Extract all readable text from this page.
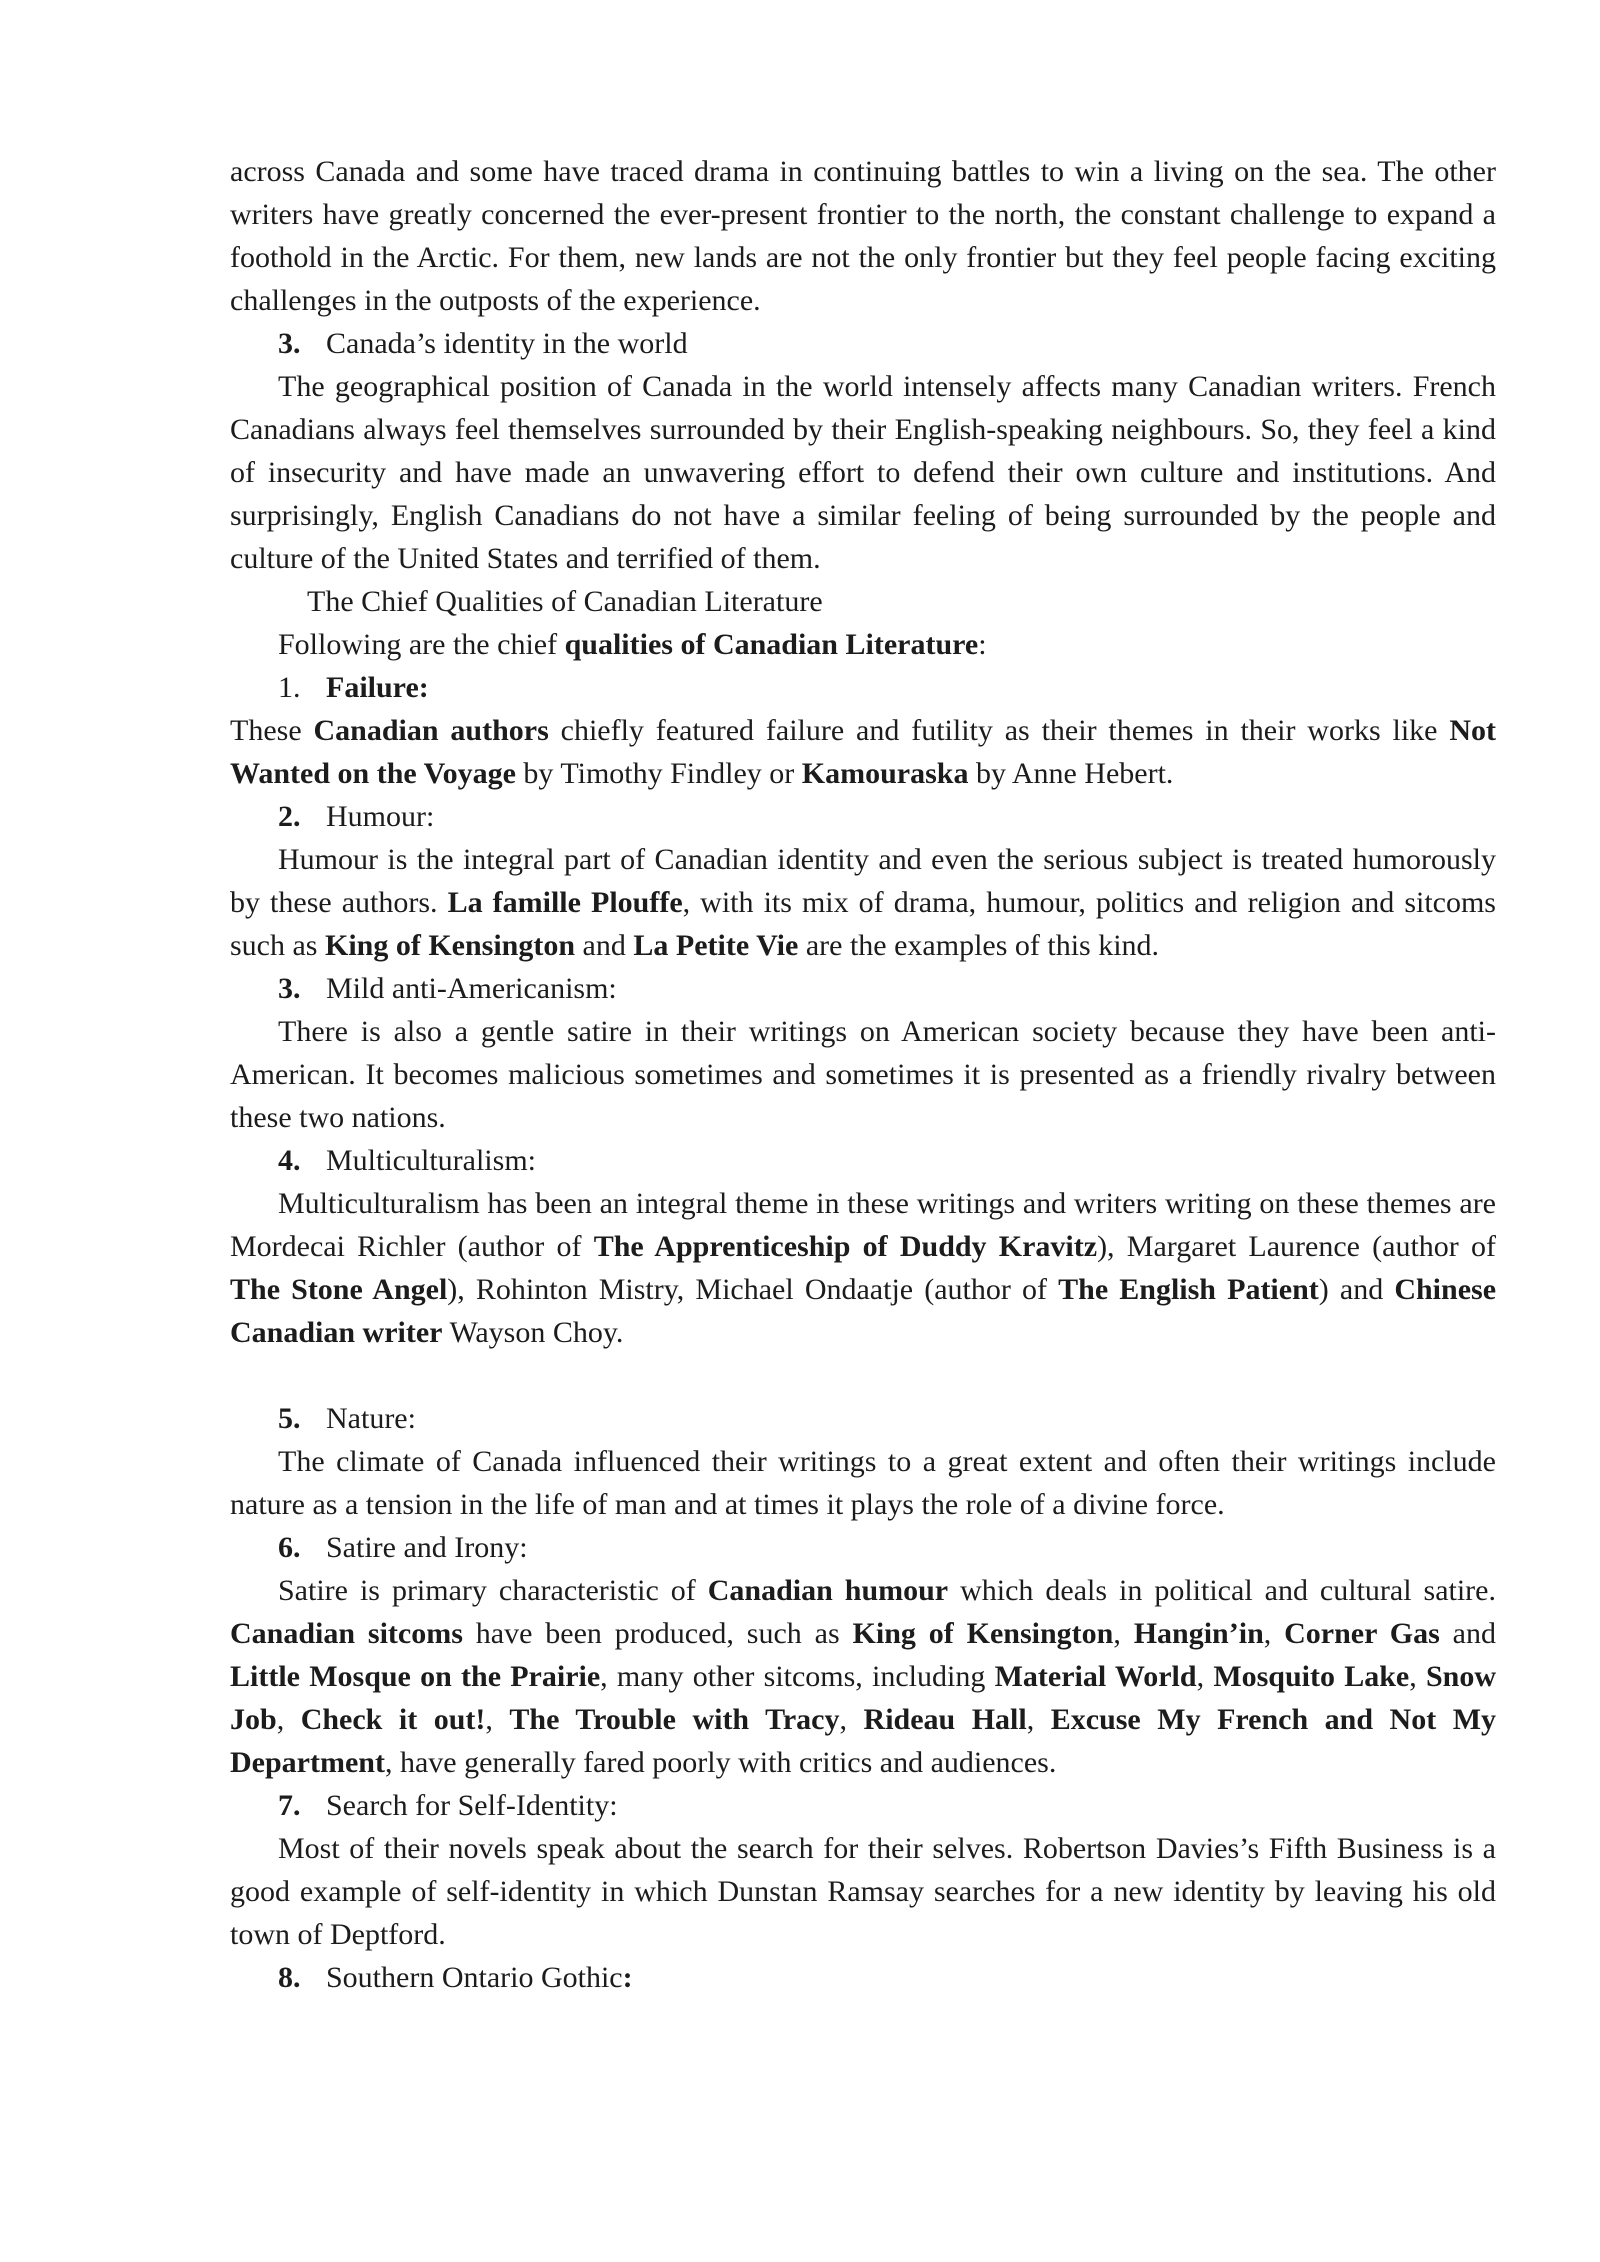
across Canada and some have traced drama in continuing battles to win a living on the sea. The other writers have greatly concerned the ever-present frontier to the north, the constant challenge to expand a foothold in the Arctic. For them, new lands are not the only frontier but they feel people facing exciting challenges in the outposts of the experience.

3. Canada’s identity in the world

The geographical position of Canada in the world intensely affects many Canadian writers. French Canadians always feel themselves surrounded by their English-speaking neighbours. So, they feel a kind of insecurity and have made an unwavering effort to defend their own culture and institutions. And surprisingly, English Canadians do not have a similar feeling of being surrounded by the people and culture of the United States and terrified of them.

The Chief Qualities of Canadian Literature

Following are the chief qualities of Canadian Literature:

1. Failure:

These Canadian authors chiefly featured failure and futility as their themes in their works like Not Wanted on the Voyage by Timothy Findley or Kamouraska by Anne Hebert.

2. Humour:

Humour is the integral part of Canadian identity and even the serious subject is treated humorously by these authors. La famille Plouffe, with its mix of drama, humour, politics and religion and sitcoms such as King of Kensington and La Petite Vie are the examples of this kind.

3. Mild anti-Americanism:

There is also a gentle satire in their writings on American society because they have been anti-American. It becomes malicious sometimes and sometimes it is presented as a friendly rivalry between these two nations.

4. Multiculturalism:

Multiculturalism has been an integral theme in these writings and writers writing on these themes are Mordecai Richler (author of The Apprenticeship of Duddy Kravitz), Margaret Laurence (author of The Stone Angel), Rohinton Mistry, Michael Ondaatje (author of The English Patient) and Chinese Canadian writer Wayson Choy.

5. Nature:

The climate of Canada influenced their writings to a great extent and often their writings include nature as a tension in the life of man and at times it plays the role of a divine force.

6. Satire and Irony:

Satire is primary characteristic of Canadian humour which deals in political and cultural satire. Canadian sitcoms have been produced, such as King of Kensington, Hangin’in, Corner Gas and Little Mosque on the Prairie, many other sitcoms, including Material World, Mosquito Lake, Snow Job, Check it out!, The Trouble with Tracy, Rideau Hall, Excuse My French and Not My Department, have generally fared poorly with critics and audiences.

7. Search for Self-Identity:

Most of their novels speak about the search for their selves. Robertson Davies’s Fifth Business is a good example of self-identity in which Dunstan Ramsay searches for a new identity by leaving his old town of Deptford.

8. Southern Ontario Gothic:
